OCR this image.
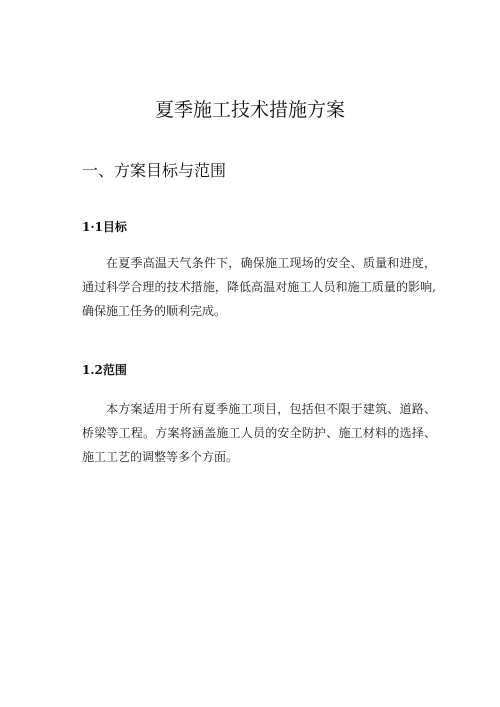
夏季施工技术措施方案
一、方案目标与范围
1·1目标

在夏季高温天气条件下，确保施工现场的安全、质量和进度，通过科学合理的技术措施，降低高温对施工人员和施工质量的影响, 确保施工任务的顺利完成。

1.2范围

本方案适用于所有夏季施工项目，包括但不限于建筑、道路、桥梁等工程。方案将涵盖施工人员的安全防护、施工材料的选择、施工工艺的调整等多个方面。
